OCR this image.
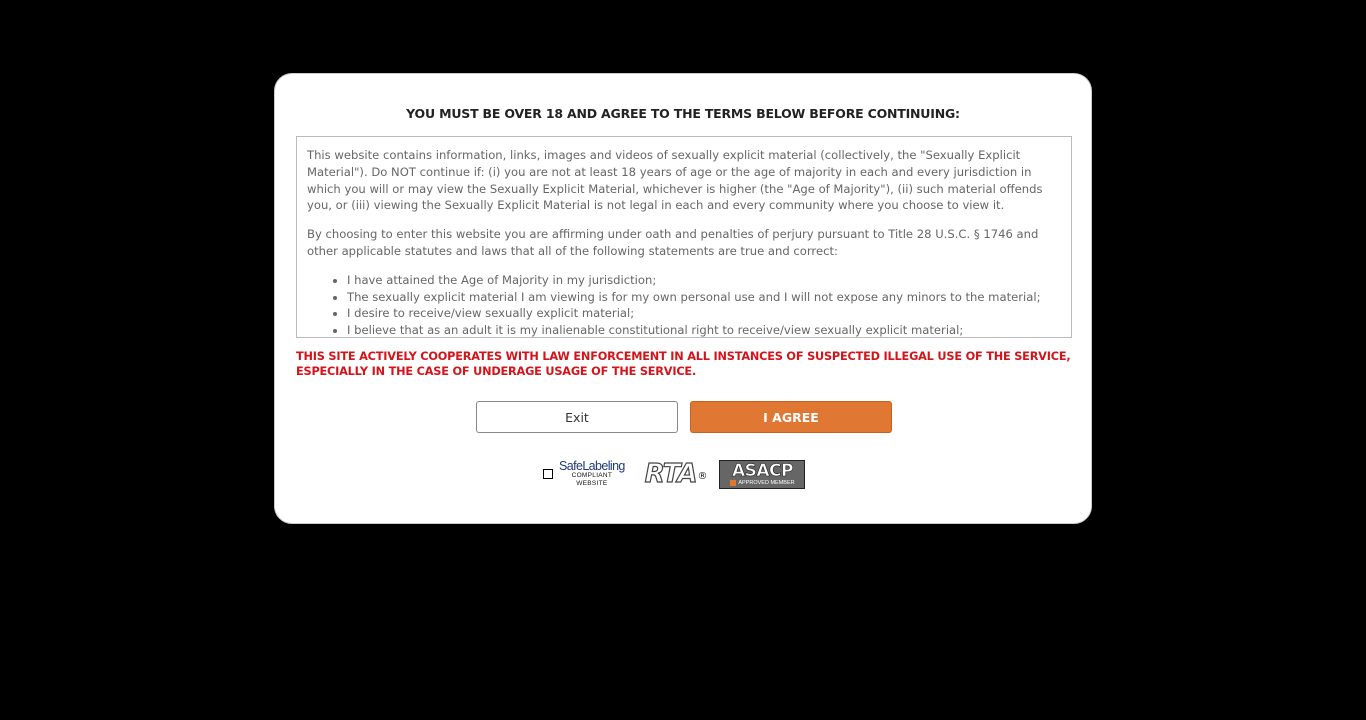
YOU MUST BE OVER 18 AND AGREE TO THE TERMS BELOW BEFORE CONTINUING:

This website contains information, links, images and videos of sexually explicit material (collectively, the "Sexually Explicit Material"). Do NOT continue if: (i) you are not at least 18 years of age or the age of majority in each and every jurisdiction in which you will or may view the Sexually Explicit Material, whichever is higher (the "Age of Majority"), (ii) such material offends you, or (iii) viewing the Sexually Explicit Material is not legal in each and every community where you choose to view it.

By choosing to enter this website you are affirming under oath and penalties of perjury pursuant to Title 28 U.S.C. § 1746 and other applicable statutes and laws that all of the following statements are true and correct:

• I have attained the Age of Majority in my jurisdiction;
• The sexually explicit material I am viewing is for my own personal use and I will not expose any minors to the material;
• I desire to receive/view sexually explicit material;
• I believe that as an adult it is my inalienable constitutional right to receive/view sexually explicit material;
THIS SITE ACTIVELY COOPERATES WITH LAW ENFORCEMENT IN ALL INSTANCES OF SUSPECTED ILLEGAL USE OF THE SERVICE, ESPECIALLY IN THE CASE OF UNDERAGE USAGE OF THE SERVICE.
Exit	I AGREE
SafeLabeling
COMPLIANT
WEBSITE RTA ® ASACP
APPROVED MEMBER
